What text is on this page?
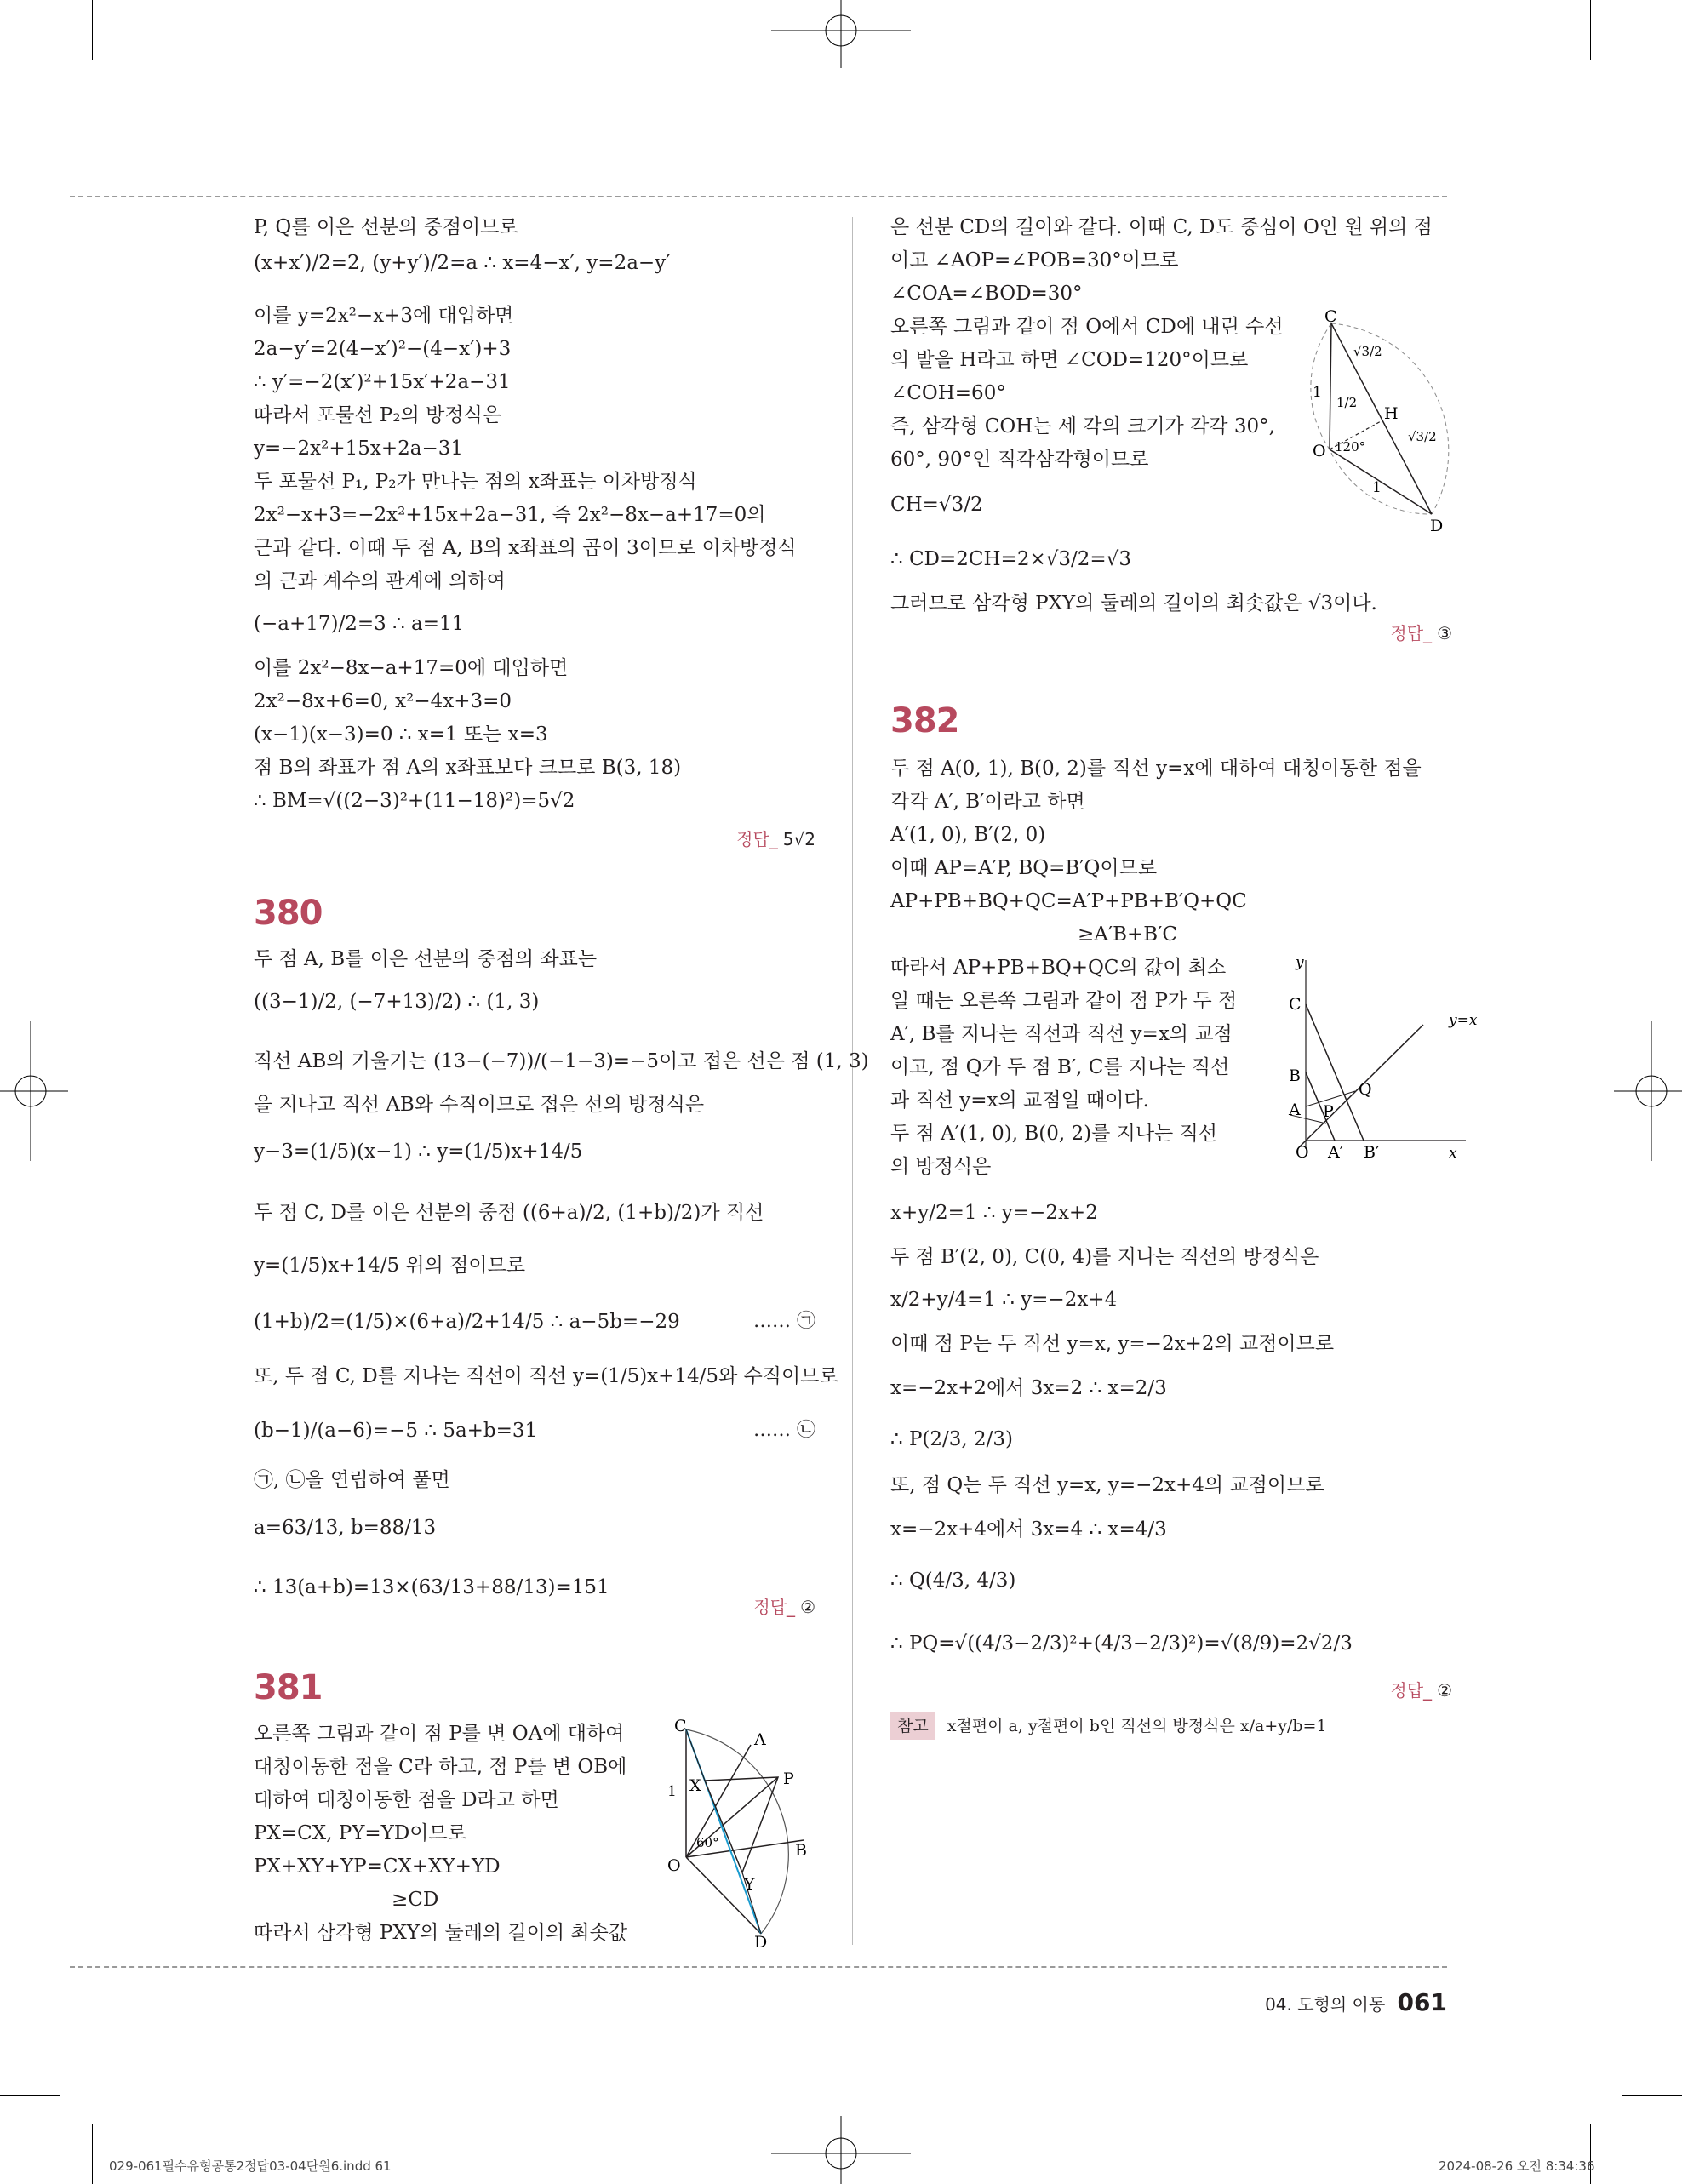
P, Q를 이은 선분의 중점이므로
(x+x′)/2=2, (y+y′)/2=a ∴ x=4−x′, y=2a−y′
이를 y=2x²−x+3에 대입하면
2a−y′=2(4−x′)²−(4−x′)+3
∴ y′=−2(x′)²+15x′+2a−31
따라서 포물선 P₂의 방정식은
y=−2x²+15x+2a−31
두 포물선 P₁, P₂가 만나는 점의 x좌표는 이차방정식
2x²−x+3=−2x²+15x+2a−31, 즉 2x²−8x−a+17=0의
근과 같다. 이때 두 점 A, B의 x좌표의 곱이 3이므로 이차방정식
의 근과 계수의 관계에 의하여
(−a+17)/2=3 ∴ a=11
이를 2x²−8x−a+17=0에 대입하면
2x²−8x+6=0, x²−4x+3=0
(x−1)(x−3)=0 ∴ x=1 또는 x=3
점 B의 좌표가 점 A의 x좌표보다 크므로 B(3, 18)
∴ BM=√((2−3)²+(11−18)²)=5√2
정답_ 5√2
380
두 점 A, B를 이은 선분의 중점의 좌표는
((3−1)/2, (−7+13)/2) ∴ (1, 3)
직선 AB의 기울기는 (13−(−7))/(−1−3)=−5이고 접은 선은 점 (1, 3)
을 지나고 직선 AB와 수직이므로 접은 선의 방정식은
y−3=(1/5)(x−1) ∴ y=(1/5)x+14/5
두 점 C, D를 이은 선분의 중점 ((6+a)/2, (1+b)/2)가 직선
y=(1/5)x+14/5 위의 점이므로
(1+b)/2=(1/5)×(6+a)/2+14/5 ∴ a−5b=−29	…… ㉠
또, 두 점 C, D를 지나는 직선이 직선 y=(1/5)x+14/5와 수직이므로
(b−1)/(a−6)=−5 ∴ 5a+b=31	…… ㉡
㉠, ㉡을 연립하여 풀면
a=63/13, b=88/13
∴ 13(a+b)=13×(63/13+88/13)=151
정답_ ②
381
오른쪽 그림과 같이 점 P를 변 OA에 대하여
대칭이동한 점을 C라 하고, 점 P를 변 OB에
대하여 대칭이동한 점을 D라고 하면
PX=CX, PY=YD이므로
PX+XY+YP=CX+XY+YD
≥CD
따라서 삼각형 PXY의 둘레의 길이의 최솟값
C
A
P
X
1
60°
O
Y
B
D
은 선분 CD의 길이와 같다. 이때 C, D도 중심이 O인 원 위의 점
이고 ∠AOP=∠POB=30°이므로
∠COA=∠BOD=30°
오른쪽 그림과 같이 점 O에서 CD에 내린 수선
의 발을 H라고 하면 ∠COD=120°이므로
∠COH=60°
즉, 삼각형 COH는 세 각의 크기가 각각 30°,
60°, 90°인 직각삼각형이므로
CH=√3/2
∴ CD=2CH=2×√3/2=√3
그러므로 삼각형 PXY의 둘레의 길이의 최솟값은 √3이다.
정답_ ③
C
√3/2
1
1/2
H
O 120°
√3/2
1
D
382
두 점 A(0, 1), B(0, 2)를 직선 y=x에 대하여 대칭이동한 점을
각각 A′, B′이라고 하면
A′(1, 0), B′(2, 0)
이때 AP=A′P, BQ=B′Q이므로
AP+PB+BQ+QC=A′P+PB+B′Q+QC
≥A′B+B′C
따라서 AP+PB+BQ+QC의 값이 최소
일 때는 오른쪽 그림과 같이 점 P가 두 점
A′, B를 지나는 직선과 직선 y=x의 교점
이고, 점 Q가 두 점 B′, C를 지나는 직선
과 직선 y=x의 교점일 때이다.
두 점 A′(1, 0), B(0, 2)를 지나는 직선
의 방정식은
x+y/2=1 ∴ y=−2x+2
두 점 B′(2, 0), C(0, 4)를 지나는 직선의 방정식은
x/2+y/4=1 ∴ y=−2x+4
이때 점 P는 두 직선 y=x, y=−2x+2의 교점이므로
x=−2x+2에서 3x=2 ∴ x=2/3
∴ P(2/3, 2/3)
또, 점 Q는 두 직선 y=x, y=−2x+4의 교점이므로
x=−2x+4에서 3x=4 ∴ x=4/3
∴ Q(4/3, 4/3)
∴ PQ=√((4/3−2/3)²+(4/3−2/3)²)=√(8/9)=2√2/3
정답_ ②
참고 x절편이 a, y절편이 b인 직선의 방정식은 x/a+y/b=1
y
C
y=x
B
Q
A P
O A′ B′	x
04. 도형의 이동 061
029-061필수유형공통2정답03-04단원6.indd 61	2024-08-26 오전 8:34:36
